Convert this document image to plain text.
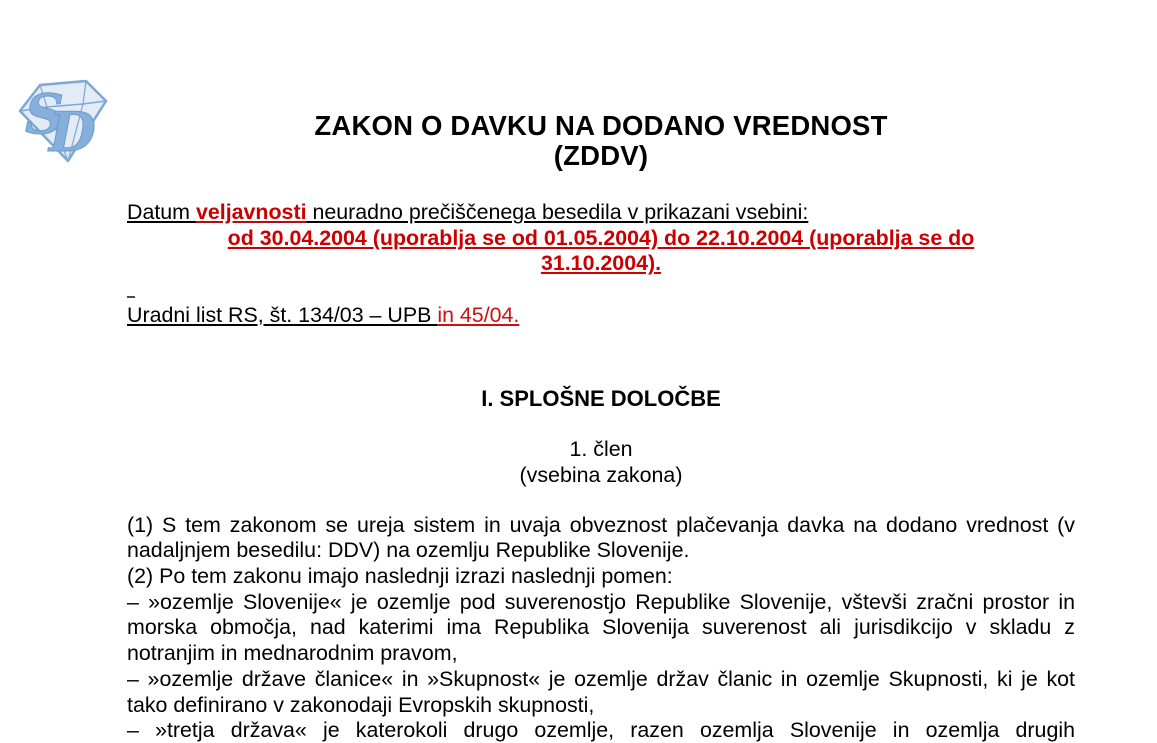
S
D	ZAKON O DAVKU NA DODANO VREDNOST
(ZDDV)
Datum veljavnosti neuradno prečiščenega besedila v prikazani vsebini:
od 30.04.2004 (uporablja se od 01.05.2004) do 22.10.2004 (uporablja se do
31.10.2004).
Uradni list RS, št. 134/03 – UPB in 45/04.
I. SPLOŠNE DOLOČBE
1. člen
(vsebina zakona)

(1) S tem zakonom se ureja sistem in uvaja obveznost plačevanja davka na dodano vrednost (v nadaljnjem besedilu: DDV) na ozemlju Republike Slovenije.

(2) Po tem zakonu imajo naslednji izrazi naslednji pomen:

– »ozemlje Slovenije« je ozemlje pod suverenostjo Republike Slovenije, vštevši zračni prostor in morska območja, nad katerimi ima Republika Slovenija suverenost ali jurisdikcijo v skladu z notranjim in mednarodnim pravom,

– »ozemlje države članice« in »Skupnost« je ozemlje držav članic in ozemlje Skupnosti, ki je kot tako definirano v zakonodaji Evropskih skupnosti,

– »tretja država« je katerokoli drugo ozemlje, razen ozemlja Slovenije in ozemlja drugih
